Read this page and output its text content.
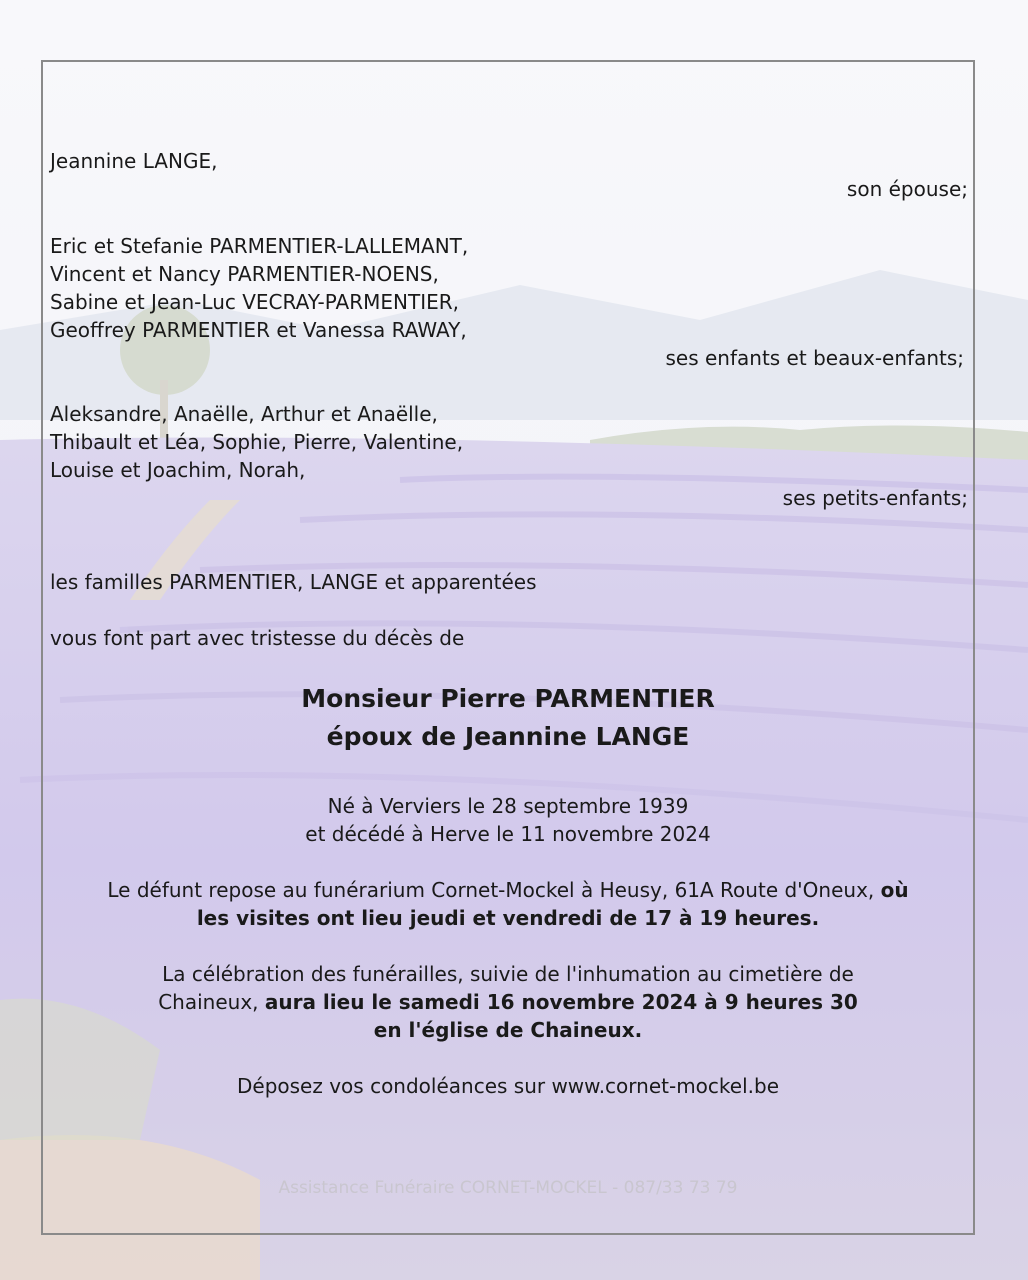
Jeannine LANGE,
son épouse;
Eric et Stefanie PARMENTIER-LALLEMANT,
Vincent et Nancy PARMENTIER-NOENS,
Sabine et Jean-Luc VECRAY-PARMENTIER,
Geoffrey PARMENTIER et Vanessa RAWAY,
ses enfants et beaux-enfants;
Aleksandre, Anaëlle, Arthur et Anaëlle,
Thibault et Léa, Sophie, Pierre, Valentine,
Louise et Joachim, Norah,
ses petits-enfants;
les familles PARMENTIER, LANGE et apparentées
vous font part avec tristesse du décès de
Monsieur Pierre PARMENTIER
époux de Jeannine LANGE
Né à Verviers le 28 septembre 1939
et décédé à Herve le 11 novembre 2024
Le défunt repose au funérarium Cornet-Mockel à Heusy, 61A Route d'Oneux, où
les visites ont lieu jeudi et vendredi de 17 à 19 heures.
La célébration des funérailles, suivie de l'inhumation au cimetière de
Chaineux, aura lieu le samedi 16 novembre 2024 à 9 heures 30
en l'église de Chaineux.
Déposez vos condoléances sur www.cornet-mockel.be
Assistance Funéraire CORNET-MOCKEL - 087/33 73 79
